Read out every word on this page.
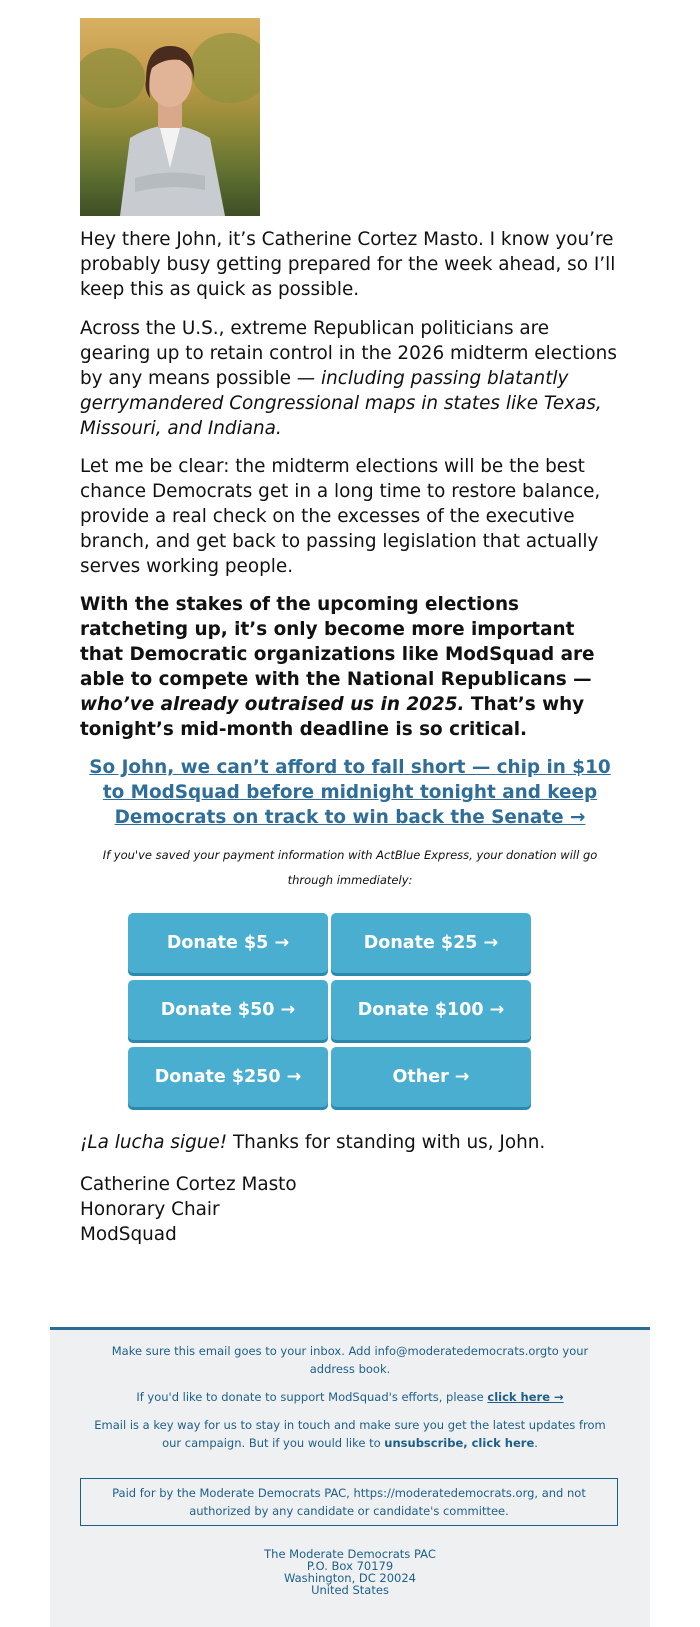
Hey there John, it’s Catherine Cortez Masto. I know you’re probably busy getting prepared for the week ahead, so I’ll keep this as quick as possible.

Across the U.S., extreme Republican politicians are gearing up to retain control in the 2026 midterm elections by any means possible — including passing blatantly gerrymandered Congressional maps in states like Texas, Missouri, and Indiana.

Let me be clear: the midterm elections will be the best chance Democrats get in a long time to restore balance, provide a real check on the excesses of the executive branch, and get back to passing legislation that actually serves working people.

With the stakes of the upcoming elections ratcheting up, it’s only become more important that Democratic organizations like ModSquad are able to compete with the National Republicans — who’ve already outraised us in 2025. That’s why tonight’s mid-month deadline is so critical.

So John, we can’t afford to fall short — chip in $10 to ModSquad before midnight tonight and keep Democrats on track to win back the Senate →
If you've saved your payment information with ActBlue Express, your donation will go through immediately:
Donate $5 →	Donate $25 →
Donate $50 →	Donate $100 →
Donate $250 →	Other →

¡La lucha sigue! Thanks for standing with us, John.

Catherine Cortez Masto
Honorary Chair
ModSquad
Make sure this email goes to your inbox. Add info@moderatedemocrats.orgto your address book.
If you'd like to donate to support ModSquad's efforts, please click here →
Email is a key way for us to stay in touch and make sure you get the latest updates from our campaign. But if you would like to unsubscribe, click here.
Paid for by the Moderate Democrats PAC, https://moderatedemocrats.org, and not authorized by any candidate or candidate's committee.
The Moderate Democrats PAC
P.O. Box 70179
Washington, DC 20024
United States
